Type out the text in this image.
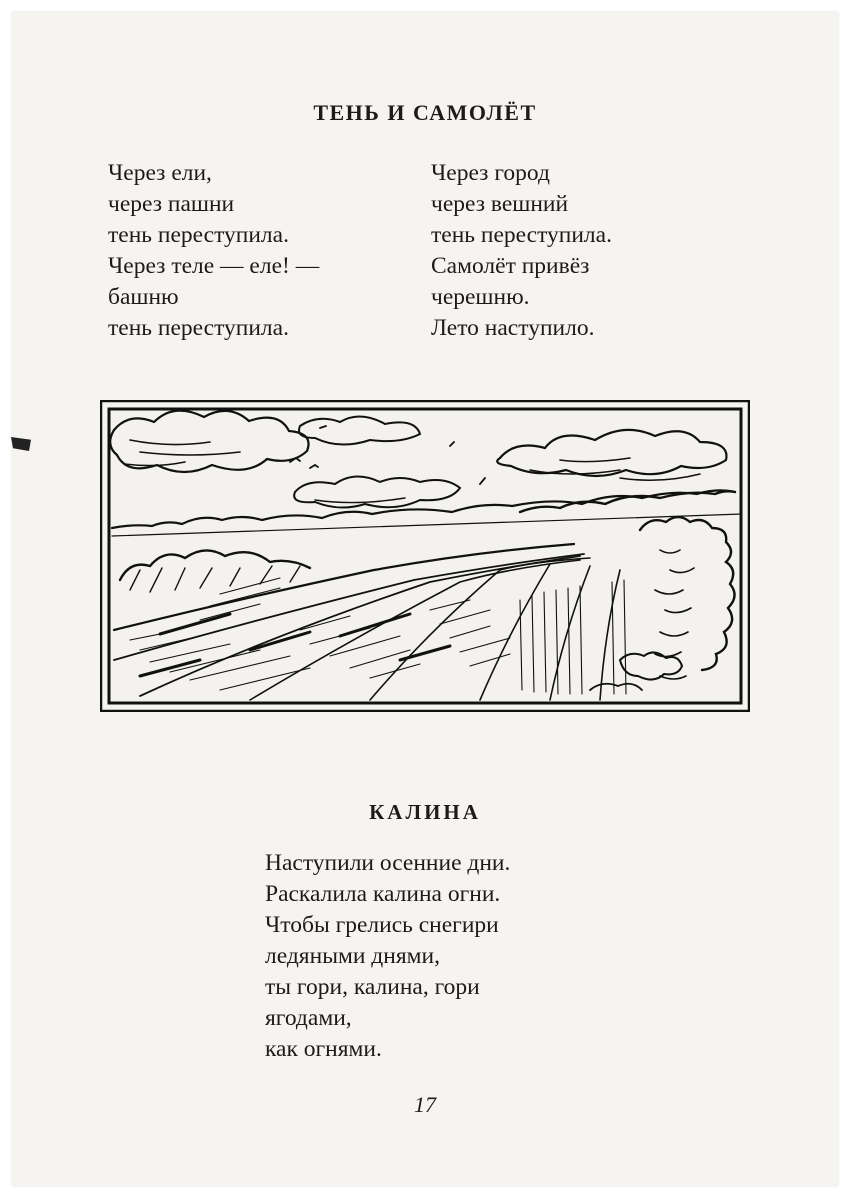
ТЕНЬ И САМОЛЁТ
Через ели,
через пашни
тень переступила.
Через теле — еле! —
башню
тень переступила.
Через город
через вешний
тень переступила.
Самолёт привёз
черешню.
Лето наступило.
КАЛИНА
Наступили осенние дни.
Раскалила калина огни.
Чтобы грелись снегири
ледяными днями,
ты гори, калина, гори
ягодами,
как огнями.
17
